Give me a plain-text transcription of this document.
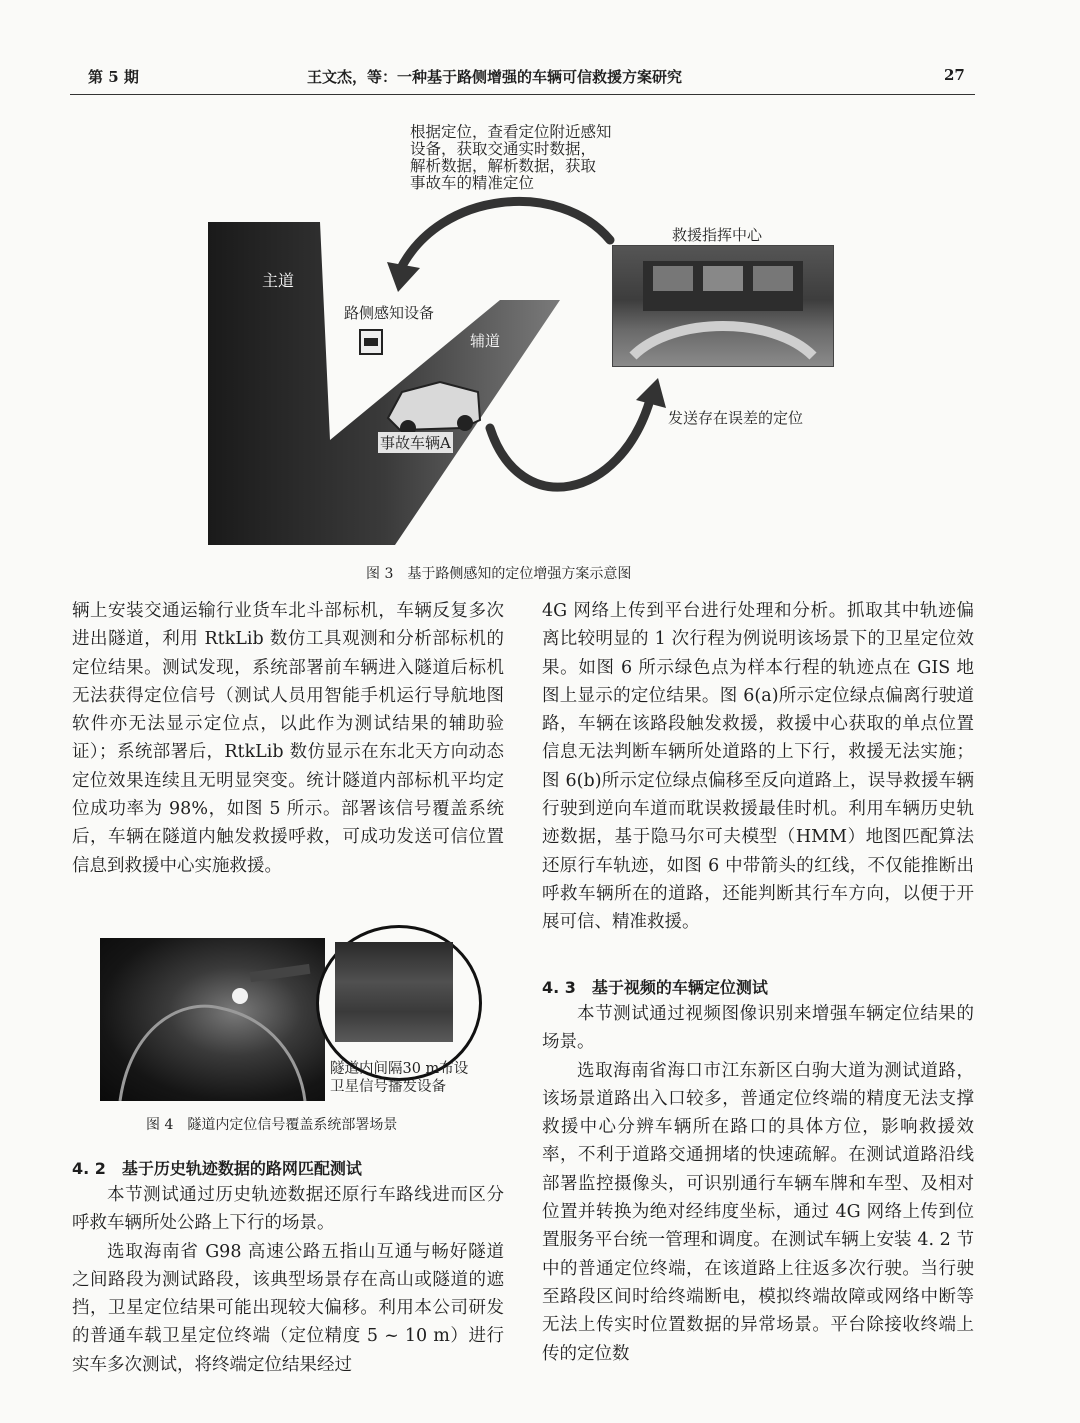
第 5 期	王文杰，等：一种基于路侧增强的车辆可信救援方案研究	27
根据定位，查看定位附近感知
设备，获取交通实时数据，
解析数据，解析数据，获取
事故车的精准定位
主道
路侧感知设备
辅道
事故车辆A
救援指挥中心
发送存在误差的定位
图 3　基于路侧感知的定位增强方案示意图

辆上安装交通运输行业货车北斗部标机，车辆反复多次进出隧道，利用 RtkLib 数仿工具观测和分析部标机的定位结果。测试发现，系统部署前车辆进入隧道后标机无法获得定位信号（测试人员用智能手机运行导航地图软件亦无法显示定位点，以此作为测试结果的辅助验证）；系统部署后，RtkLib 数仿显示在东北天方向动态定位效果连续且无明显突变。统计隧道内部标机平均定位成功率为 98%，如图 5 所示。部署该信号覆盖系统后，车辆在隧道内触发救援呼救，可成功发送可信位置信息到救援中心实施救援。

隧道内间隔30 m布设
卫星信号播发设备
图 4　隧道内定位信号覆盖系统部署场景
4. 2　基于历史轨迹数据的路网匹配测试

本节测试通过历史轨迹数据还原行车路线进而区分呼救车辆所处公路上下行的场景。

选取海南省 G98 高速公路五指山互通与畅好隧道之间路段为测试路段，该典型场景存在高山或隧道的遮挡，卫星定位结果可能出现较大偏移。利用本公司研发的普通车载卫星定位终端（定位精度 5 ~ 10 m）进行实车多次测试，将终端定位结果经过

4G 网络上传到平台进行处理和分析。抓取其中轨迹偏离比较明显的 1 次行程为例说明该场景下的卫星定位效果。如图 6 所示绿色点为样本行程的轨迹点在 GIS 地图上显示的定位结果。图 6(a)所示定位绿点偏离行驶道路，车辆在该路段触发救援，救援中心获取的单点位置信息无法判断车辆所处道路的上下行，救援无法实施；图 6(b)所示定位绿点偏移至反向道路上，误导救援车辆行驶到逆向车道而耽误救援最佳时机。利用车辆历史轨迹数据，基于隐马尔可夫模型（HMM）地图匹配算法还原行车轨迹，如图 6 中带箭头的红线，不仅能推断出呼救车辆所在的道路，还能判断其行车方向，以便于开展可信、精准救援。

4. 3　基于视频的车辆定位测试

本节测试通过视频图像识别来增强车辆定位结果的场景。

选取海南省海口市江东新区白驹大道为测试道路，该场景道路出入口较多，普通定位终端的精度无法支撑救援中心分辨车辆所在路口的具体方位，影响救援效率，不利于道路交通拥堵的快速疏解。在测试道路沿线部署监控摄像头，可识别通行车辆车牌和车型、及相对位置并转换为绝对经纬度坐标，通过 4G 网络上传到位置服务平台统一管理和调度。在测试车辆上安装 4. 2 节中的普通定位终端，在该道路上往返多次行驶。当行驶至路段区间时给终端断电，模拟终端故障或网络中断等无法上传实时位置数据的异常场景。平台除接收终端上传的定位数
